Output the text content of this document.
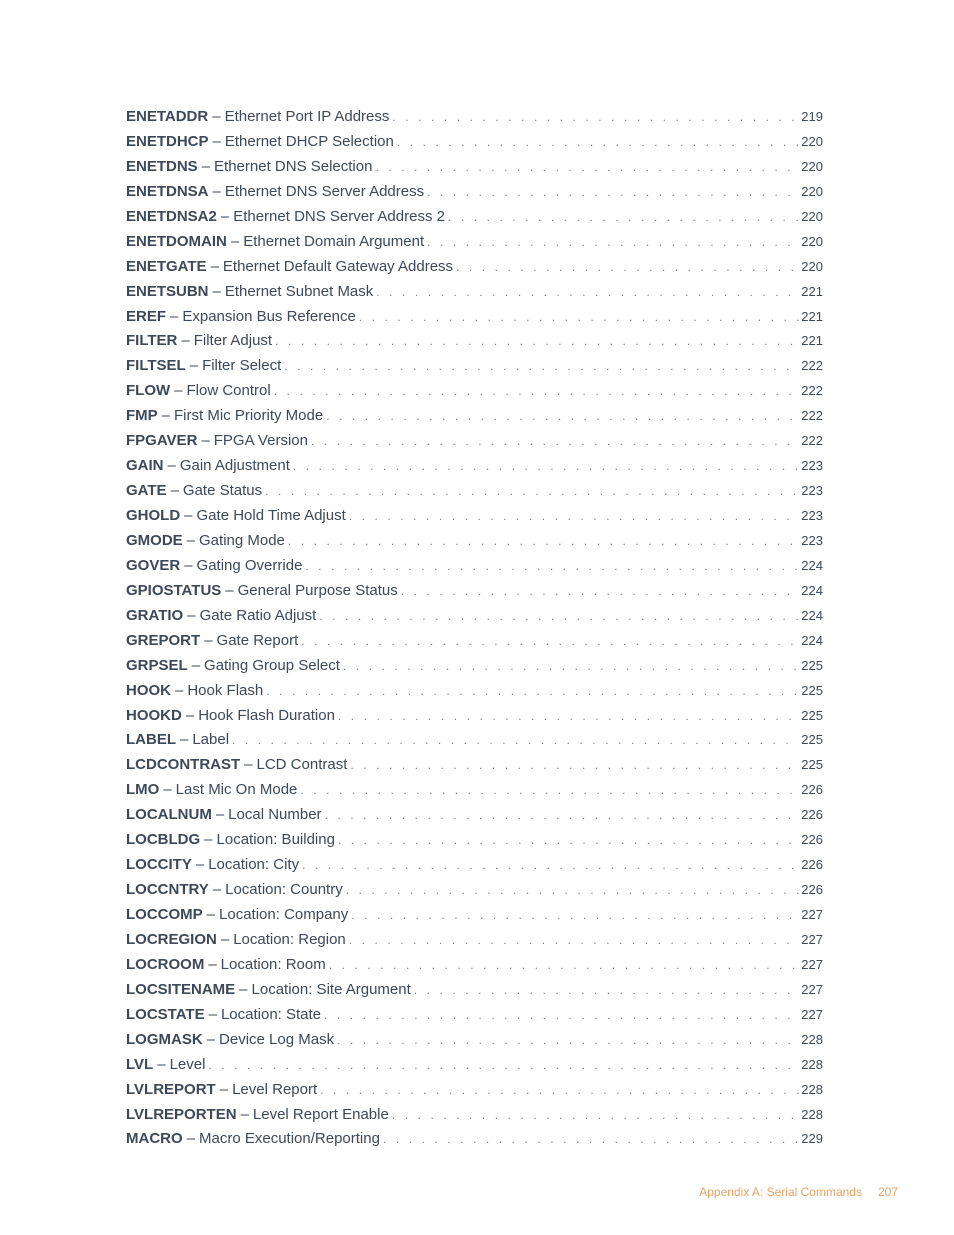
ENETADDR – Ethernet Port IP Address . . .	219
ENETDHCP – Ethernet DHCP Selection . . .	220
ENETDNS – Ethernet DNS Selection . . .	220
ENETDNSA – Ethernet DNS Server Address . . .	220
ENETDNSA2 – Ethernet DNS Server Address 2 . . .	220
ENETDOMAIN – Ethernet Domain Argument . . .	220
ENETGATE – Ethernet Default Gateway Address . . .	220
ENETSUBN – Ethernet Subnet Mask . . .	221
EREF – Expansion Bus Reference . . .	221
FILTER – Filter Adjust . . .	221
FILTSEL – Filter Select . . .	222
FLOW – Flow Control . . .	222
FMP – First Mic Priority Mode . . .	222
FPGAVER – FPGA Version . . .	222
GAIN – Gain Adjustment . . .	223
GATE – Gate Status . . .	223
GHOLD – Gate Hold Time Adjust . . .	223
GMODE – Gating Mode . . .	223
GOVER – Gating Override . . .	224
GPIOSTATUS – General Purpose Status . . .	224
GRATIO – Gate Ratio Adjust . . .	224
GREPORT – Gate Report . . .	224
GRPSEL – Gating Group Select . . .	225
HOOK – Hook Flash . . .	225
HOOKD – Hook Flash Duration . . .	225
LABEL – Label . . .	225
LCDCONTRAST – LCD Contrast . . .	225
LMO – Last Mic On Mode . . .	226
LOCALNUM – Local Number . . .	226
LOCBLDG – Location: Building . . .	226
LOCCITY – Location: City . . .	226
LOCCNTRY – Location: Country . . .	226
LOCCOMP – Location: Company . . .	227
LOCREGION – Location: Region . . .	227
LOCROOM – Location: Room . . .	227
LOCSITENAME – Location: Site Argument . . .	227
LOCSTATE – Location: State . . .	227
LOGMASK – Device Log Mask . . .	228
LVL – Level . . .	228
LVLREPORT – Level Report . . .	228
LVLREPORTEN – Level Report Enable . . .	228
MACRO – Macro Execution/Reporting . . .	229
Appendix A: Serial Commands 207
